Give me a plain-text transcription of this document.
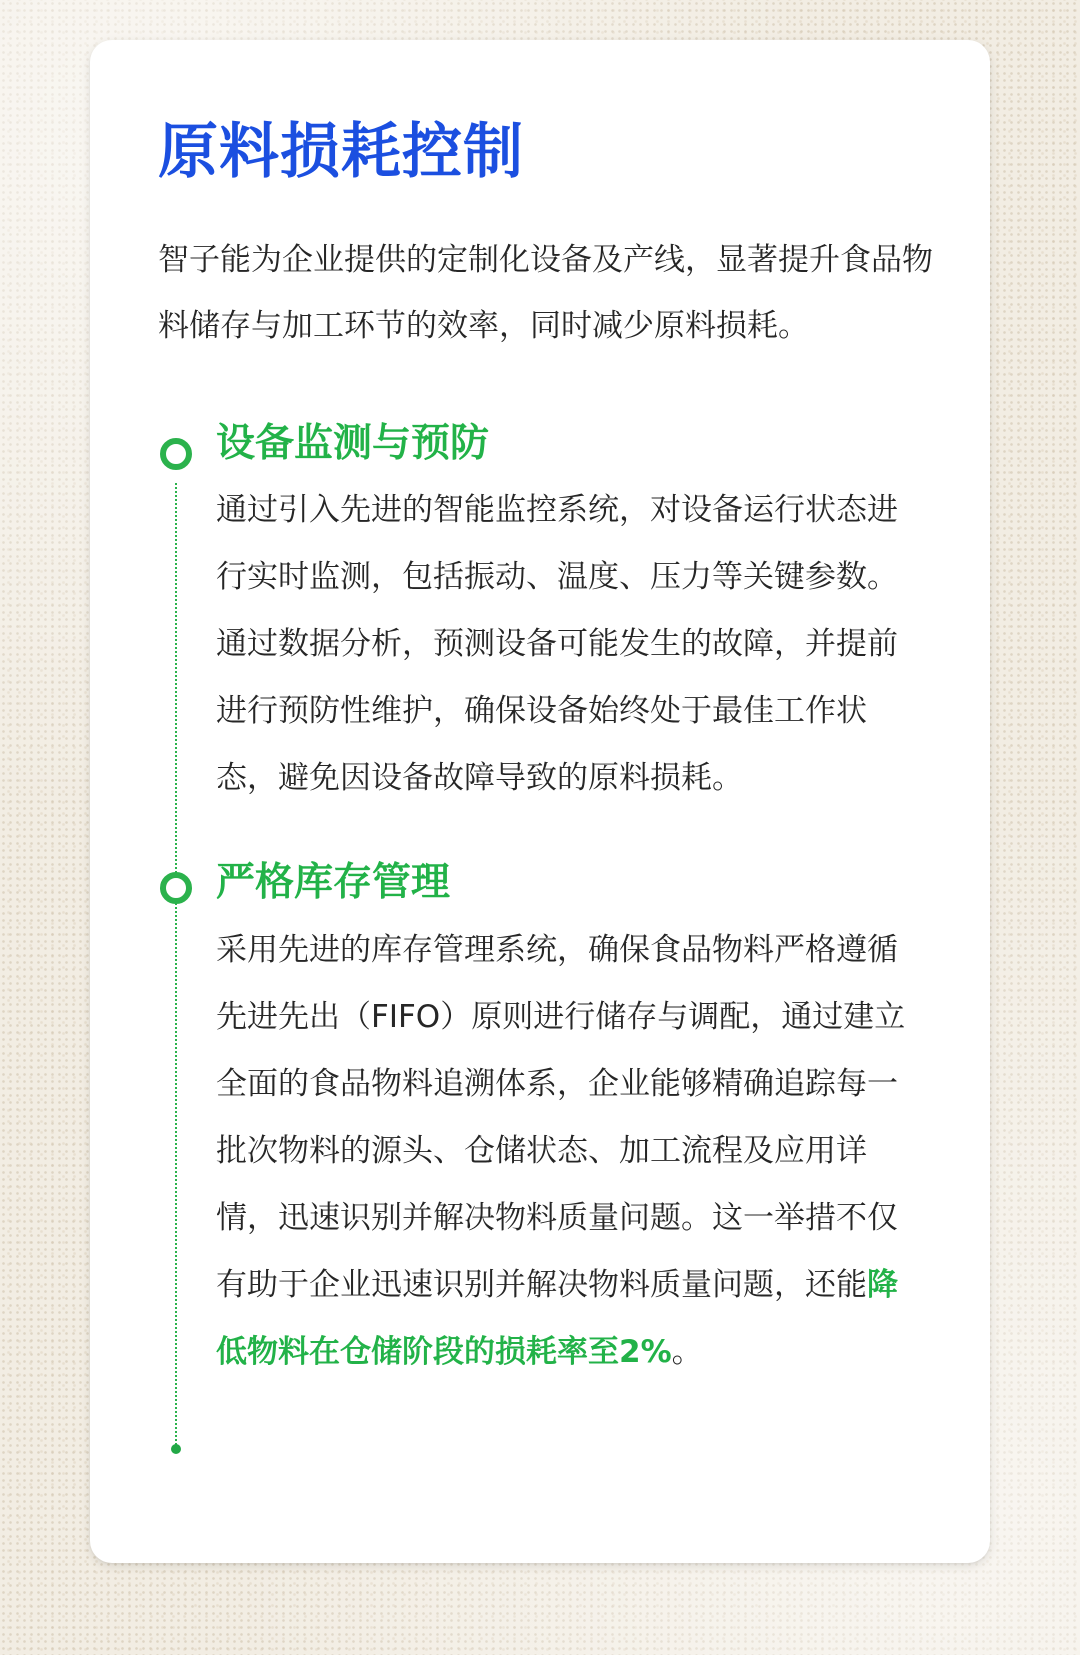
原料损耗控制

智子能为企业提供的定制化设备及产线，显著提升食品物料储存与加工环节的效率，同时减少原料损耗。

设备监测与预防

通过引入先进的智能监控系统，对设备运行状态进行实时监测，包括振动、温度、压力等关键参数。通过数据分析，预测设备可能发生的故障，并提前进行预防性维护，确保设备始终处于最佳工作状态，避免因设备故障导致的原料损耗。

严格库存管理

采用先进的库存管理系统，确保食品物料严格遵循先进先出（FIFO）原则进行储存与调配，通过建立全面的食品物料追溯体系，企业能够精确追踪每一批次物料的源头、仓储状态、加工流程及应用详情，迅速识别并解决物料质量问题。这一举措不仅有助于企业迅速识别并解决物料质量问题，还能降低物料在仓储阶段的损耗率至2%。
